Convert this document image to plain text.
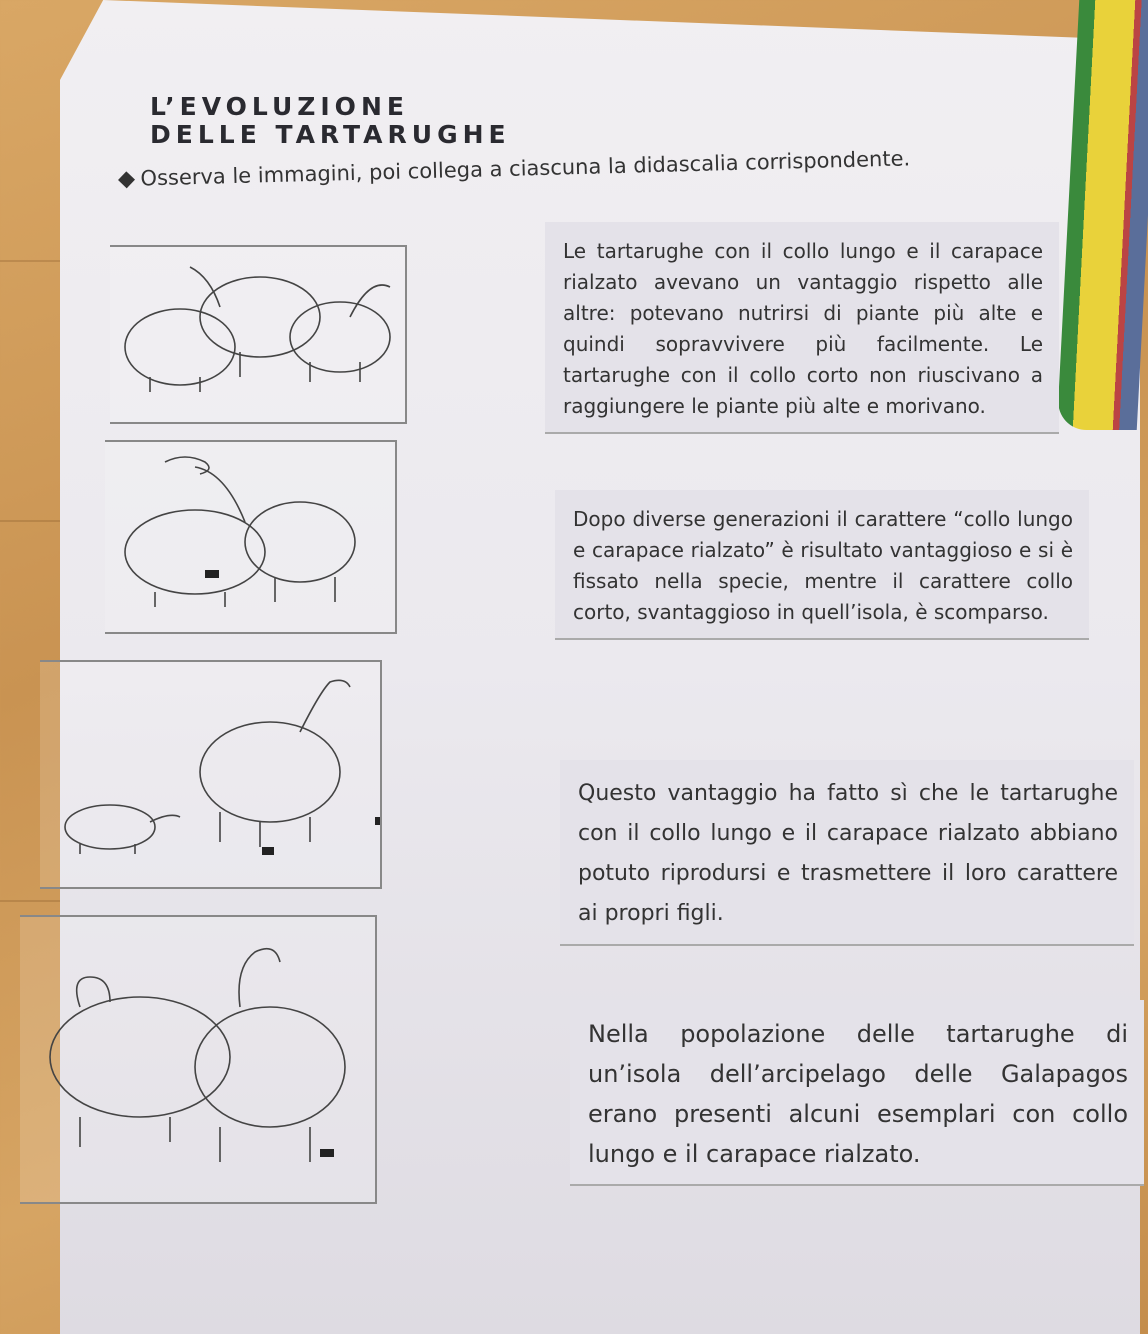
L’EVOLUZIONE
DELLE TARTARUGHE
Osserva le immagini, poi collega a ciascuna la didascalia corrispondente.
Le tartarughe con il collo lungo e il carapace rialzato avevano un vantaggio rispetto alle altre: potevano nutrirsi di piante più alte e quindi sopravvivere più facilmente. Le tartarughe con il collo corto non riuscivano a raggiungere le piante più alte e morivano.
Dopo diverse generazioni il carattere “collo lungo e carapace rialzato” è risultato vantaggioso e si è fissato nella specie, mentre il carattere collo corto, svantaggioso in quell’isola, è scomparso.
Questo vantaggio ha fatto sì che le tartarughe con il collo lungo e il carapace rialzato abbiano potuto riprodursi e trasmettere il loro carattere ai propri figli.
Nella popolazione delle tartarughe di un’isola dell’arcipelago delle Galapagos erano presenti alcuni esemplari con collo lungo e il carapace rialzato.
